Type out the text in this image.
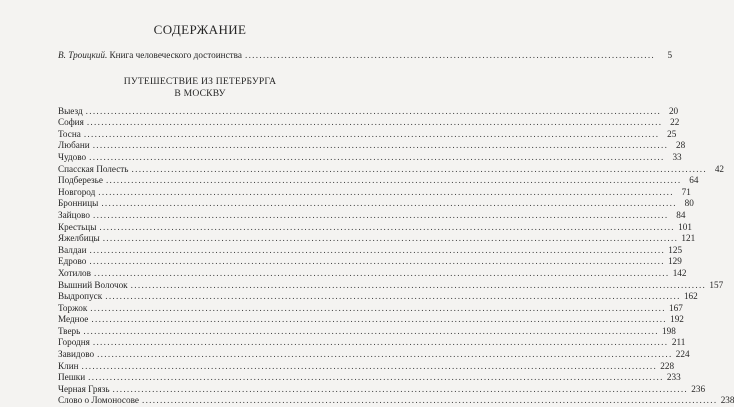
СОДЕРЖАНИЕ
В. Троицкий. Книга человеческого достоинства ..................................................................................................................	5
ПУТЕШЕСТВИЕ ИЗ ПЕТЕРБУРГА
В МОСКВУ
Выезд ................................................................................................................................................................ 20
София ................................................................................................................................................................ 22
Тосна ................................................................................................................................................................ 25
Любани ................................................................................................................................................................ 28
Чудово ................................................................................................................................................................ 33
Спасская Полесть ................................................................................................................................................................ 42
Подберезье ................................................................................................................................................................ 64
Новгород ................................................................................................................................................................ 71
Бронницы ................................................................................................................................................................ 80
Зайцово ................................................................................................................................................................ 84
Крестьцы ................................................................................................................................................................ 101
Яжелбицы ................................................................................................................................................................ 121
Валдаи ................................................................................................................................................................ 125
Едрово ................................................................................................................................................................ 129
Хотилов ................................................................................................................................................................ 142
Вышний Волочок ................................................................................................................................................................ 157
Выдропуск ................................................................................................................................................................ 162
Торжок ................................................................................................................................................................ 167
Медное ................................................................................................................................................................ 192
Тверь ................................................................................................................................................................ 198
Городня ................................................................................................................................................................ 211
Завидово ................................................................................................................................................................ 224
Клин ................................................................................................................................................................ 228
Пешки ................................................................................................................................................................ 233
Черная Грязь ................................................................................................................................................................ 236
Слово о Ломоносове ................................................................................................................................................................ 238
